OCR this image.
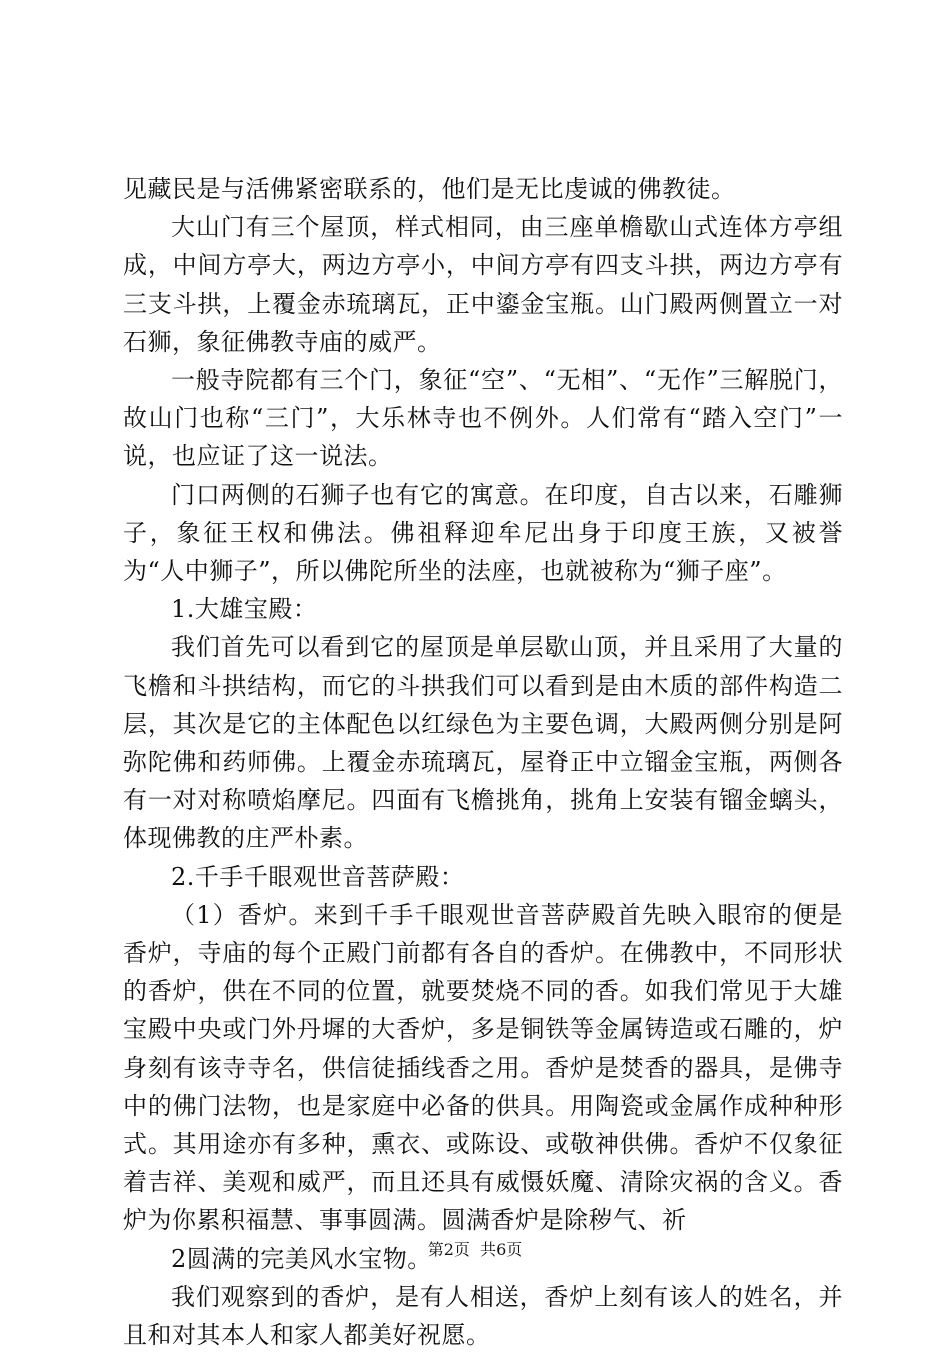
见藏民是与活佛紧密联系的，他们是无比虔诚的佛教徒。

大山门有三个屋顶，样式相同，由三座单檐歇山式连体方亭组成，中间方亭大，两边方亭小，中间方亭有四支斗拱，两边方亭有三支斗拱，上覆金赤琉璃瓦，正中鎏金宝瓶。山门殿两侧置立一对石狮，象征佛教寺庙的威严。

一般寺院都有三个门，象征“空”、“无相”、“无作”三解脱门，故山门也称“三门”，大乐林寺也不例外。人们常有“踏入空门”一说，也应证了这一说法。

门口两侧的石狮子也有它的寓意。在印度，自古以来，石雕狮子，象征王权和佛法。佛祖释迎牟尼出身于印度王族，又被誉为“人中狮子”，所以佛陀所坐的法座，也就被称为“狮子座”。

1.大雄宝殿：

我们首先可以看到它的屋顶是单层歇山顶，并且采用了大量的飞檐和斗拱结构，而它的斗拱我们可以看到是由木质的部件构造二层，其次是它的主体配色以红绿色为主要色调，大殿两侧分别是阿弥陀佛和药师佛。上覆金赤琉璃瓦，屋脊正中立镏金宝瓶，两侧各有一对对称喷焰摩尼。四面有飞檐挑角，挑角上安装有镏金螭头，体现佛教的庄严朴素。

2.千手千眼观世音菩萨殿：

（1）香炉。来到千手千眼观世音菩萨殿首先映入眼帘的便是香炉，寺庙的每个正殿门前都有各自的香炉。在佛教中，不同形状的香炉，供在不同的位置，就要焚烧不同的香。如我们常见于大雄宝殿中央或门外丹墀的大香炉，多是铜铁等金属铸造或石雕的，炉身刻有该寺寺名，供信徒插线香之用。香炉是焚香的器具，是佛寺中的佛门法物，也是家庭中必备的供具。用陶瓷或金属作成种种形式。其用途亦有多种，熏衣、或陈设、或敬神供佛。香炉不仅象征着吉祥、美观和威严，而且还具有威慑妖魔、清除灾祸的含义。香炉为你累积福慧、事事圆满。圆满香炉是除秽气、祈

2圆满的完美风水宝物。

我们观察到的香炉，是有人相送，香炉上刻有该人的姓名，并且和对其本人和家人都美好祝愿。

第2页  共6页
